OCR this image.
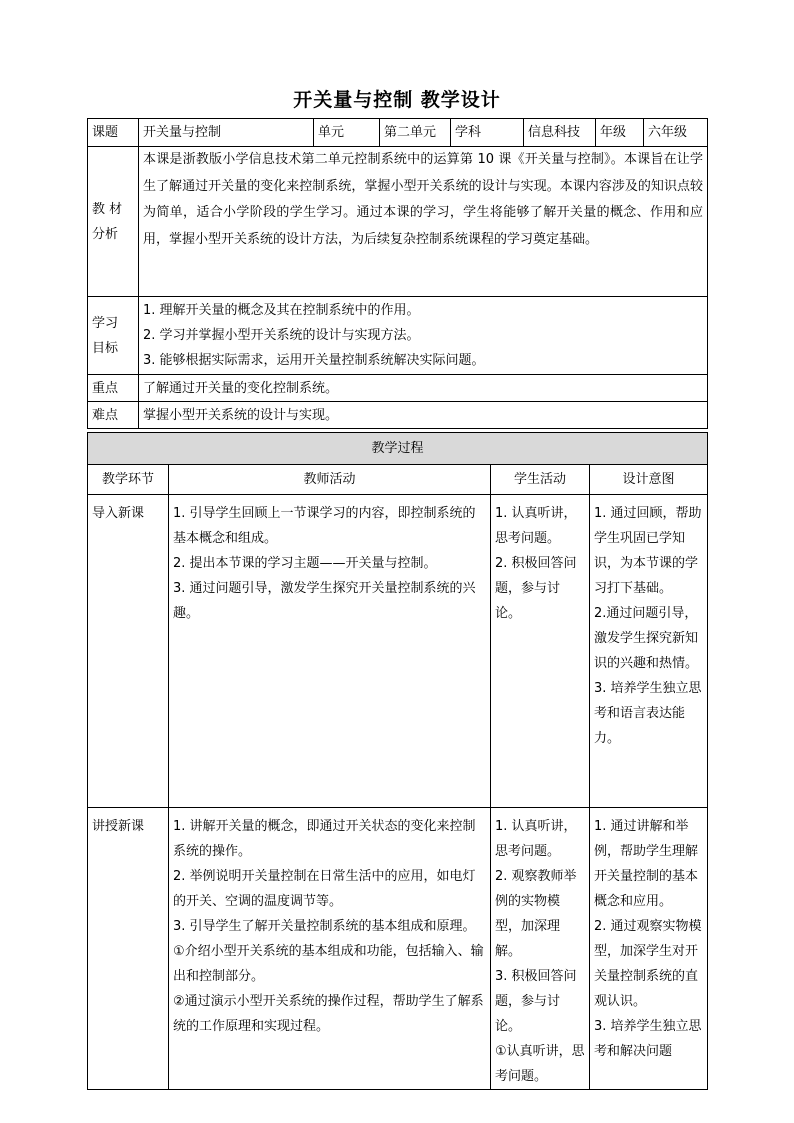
开关量与控制 教学设计
课题	开关量与控制	单元	第二单元	学科	信息科技	年级	六年级

教 材
分析	本课是浙教版小学信息技术第二单元控制系统中的运算第 10 课《开关量与控制》。本课旨在让学生了解通过开关量的变化来控制系统，掌握小型开关系统的设计与实现。本课内容涉及的知识点较为简单，适合小学阶段的学生学习。通过本课的学习，学生将能够了解开关量的概念、作用和应用，掌握小型开关系统的设计方法，为后续复杂控制系统课程的学习奠定基础。						

学习
目标	1. 理解开关量的概念及其在控制系统中的作用。
2. 学习并掌握小型开关系统的设计与实现方法。
3. 能够根据实际需求，运用开关量控制系统解决实际问题。						

重点	了解通过开关量的变化控制系统。						
难点	掌握小型开关系统的设计与实现。						
教学过程			
教学环节	教师活动	学生活动	设计意图
导入新课	1. 引导学生回顾上一节课学习的内容，即控制系统的基本概念和组成。
2. 提出本节课的学习主题——开关量与控制。
3. 通过问题引导，激发学生探究开关量控制系统的兴趣。	1. 认真听讲，思考问题。
2. 积极回答问题，参与讨论。	1. 通过回顾，帮助学生巩固已学知识，为本节课的学习打下基础。
2.通过问题引导，激发学生探究新知识的兴趣和热情。
3. 培养学生独立思考和语言表达能力。

讲授新课	1. 讲解开关量的概念，即通过开关状态的变化来控制系统的操作。
2. 举例说明开关量控制在日常生活中的应用，如电灯的开关、空调的温度调节等。
3. 引导学生了解开关量控制系统的基本组成和原理。
①介绍小型开关系统的基本组成和功能，包括输入、输出和控制部分。
②通过演示小型开关系统的操作过程，帮助学生了解系统的工作原理和实现过程。	1. 认真听讲，思考问题。
2. 观察教师举例的实物模型，加深理解。
3. 积极回答问题，参与讨论。
①认真听讲，思考问题。	1. 通过讲解和举例，帮助学生理解开关量控制的基本概念和应用。
2. 通过观察实物模型，加深学生对开关量控制系统的直观认识。
3. 培养学生独立思考和解决问题
